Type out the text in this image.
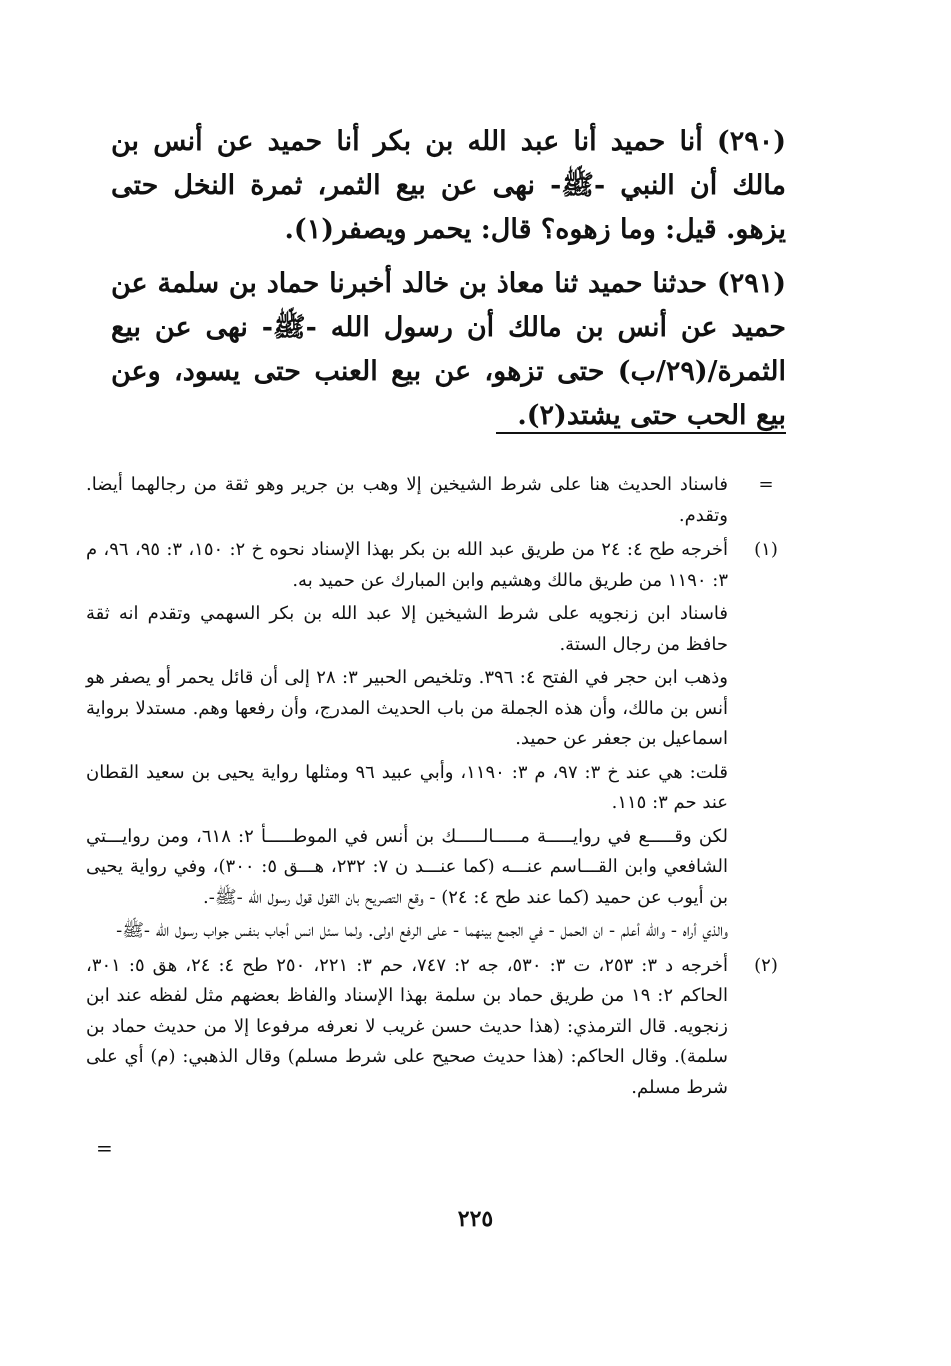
(٢٩٠) أنا حميد أنا عبد الله بن بكر أنا حميد عن أنس بن مالك أن النبي -ﷺ- نهى عن بيع الثمر، ثمرة النخل حتى يزهو. قيل: وما زهوه؟ قال: يحمر ويصفر(١).

(٢٩١) حدثنا حميد ثنا معاذ بن خالد أخبرنا حماد بن سلمة عن حميد عن أنس بن مالك أن رسول الله -ﷺ- نهى عن بيع الثمرة/(٢٩/ب) حتى تزهو، عن بيع العنب حتى يسود، وعن بيع الحب حتى يشتد(٢).

=

فاسناد الحديث هنا على شرط الشيخين إلا وهب بن جرير وهو ثقة من رجالهما أيضا. وتقدم.

(١)

أخرجه طح ٤: ٢٤ من طريق عبد الله بن بكر بهذا الإسناد نحوه خ ٢: ١٥٠، ٣: ٩٥، ٩٦، م ٣: ١١٩٠ من طريق مالك وهشيم وابن المبارك عن حميد به.

فاسناد ابن زنجويه على شرط الشيخين إلا عبد الله بن بكر السهمي وتقدم انه ثقة حافظ من رجال الستة.

وذهب ابن حجر في الفتح ٤: ٣٩٦. وتلخيص الحبير ٣: ٢٨ إلى أن قائل يحمر أو يصفر هو أنس بن مالك، وأن هذه الجملة من باب الحديث المدرج، وأن رفعها وهم. مستدلا برواية اسماعيل بن جعفر عن حميد.

قلت: هي عند خ ٣: ٩٧، م ٣: ١١٩٠، وأبي عبيد ٩٦ ومثلها رواية يحيى بن سعيد القطان عند حم ٣: ١١٥.

لكن وقـــــع في روايـــــة مـــــالـــــك بن أنس في الموطـــــأ ٢: ٦١٨، ومن روايـــتي الشافعي وابن القـــاسم عنـــه (كما عنـــد ن ٧: ٢٣٢، هـــق ٥: ٣٠٠)، وفي رواية يحيى بن أيوب عن حميد (كما عند طح ٤: ٢٤) - وقع التصريح بان القول قول رسول الله -ﷺ-.

والذي أراه - والله أعلم - ان الحمل - في الجمع بينهما - على الرفع اولى. ولما سئل انس أجاب بنفس جواب رسول الله -ﷺ-

(٢)

أخرجه د ٣: ٢٥٣، ت ٣: ٥٣٠، جه ٢: ٧٤٧، حم ٣: ٢٢١، ٢٥٠ طح ٤: ٢٤، هق ٥: ٣٠١، الحاكم ٢: ١٩ من طريق حماد بن سلمة بهذا الإسناد والفاظ بعضهم مثل لفظه عند ابن زنجويه. قال الترمذي: (هذا حديث حسن غريب لا نعرفه مرفوعا إلا من حديث حماد بن سلمة). وقال الحاكم: (هذا حديث صحيح على شرط مسلم) وقال الذهبي: (م) أي على شرط مسلم.

=
٢٢٥
